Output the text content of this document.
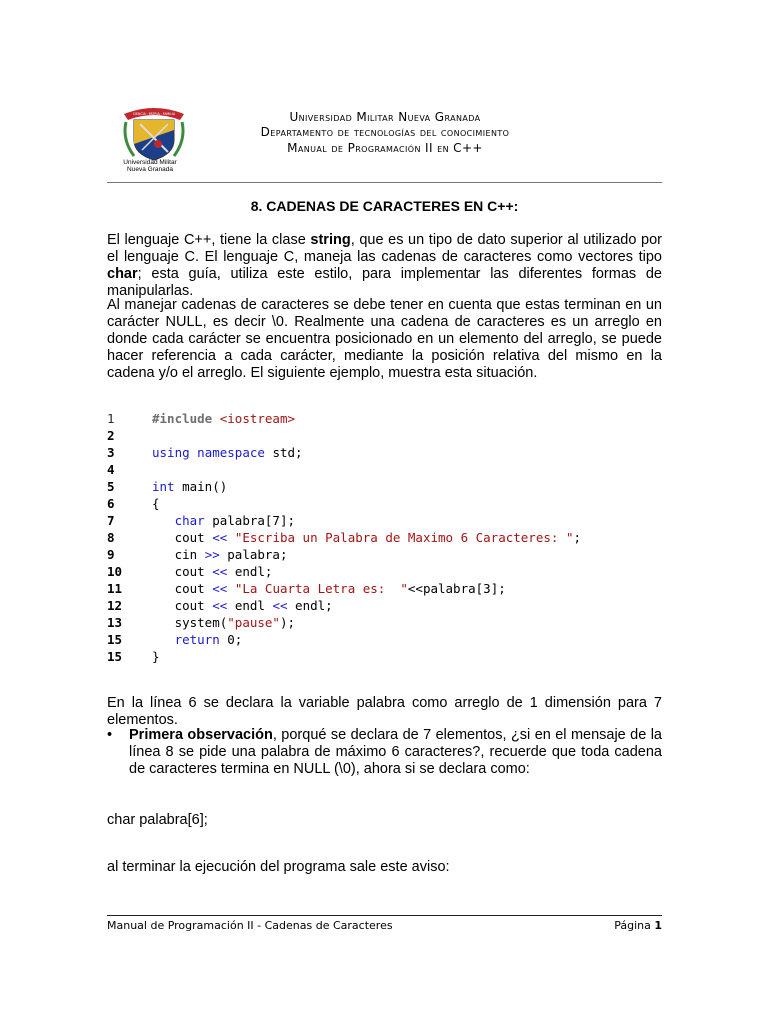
CIENCIA · PATRIA · FAMILIA
Universidad Militar
Nueva Granada
Universidad Militar Nueva Granada
Departamento de tecnologías del conocimiento
Manual de Programación II en C++
8. CADENAS DE CARACTERES EN C++:
El lenguaje C++, tiene la clase string, que es un tipo de dato superior al utilizado por el lenguaje C. El lenguaje C, maneja las cadenas de caracteres como vectores tipo char; esta guía, utiliza este estilo, para implementar las diferentes formas de manipularlas.
Al manejar cadenas de caracteres se debe tener en cuenta que estas terminan en un carácter NULL, es decir \0. Realmente una cadena de caracteres es un arreglo en donde cada carácter se encuentra posicionado en un elemento del arreglo, se puede hacer referencia a cada carácter, mediante la posición relativa del mismo en la cadena y/o el arreglo. El siguiente ejemplo, muestra esta situación.
1	#include <iostream>
2
3	using namespace std;
4
5	int main()
6	{
7	char palabra[7];
8	cout << "Escriba un Palabra de Maximo 6 Caracteres: ";
9	cin >> palabra;
10	cout << endl;
11	cout << "La Cuarta Letra es:  "<<palabra[3];
12	cout << endl << endl;
13	system("pause");
15	return 0;
15 }
En la línea 6 se declara la variable palabra como arreglo de 1 dimensión para 7 elementos.
• Primera observación, porqué se declara de 7 elementos, ¿si en el mensaje de la línea 8 se pide una palabra de máximo 6 caracteres?, recuerde que toda cadena de caracteres termina en NULL (\0), ahora si se declara como:
char palabra[6];
al terminar la ejecución del programa sale este aviso:
Manual de Programación II - Cadenas de Caracteres	Página 1
